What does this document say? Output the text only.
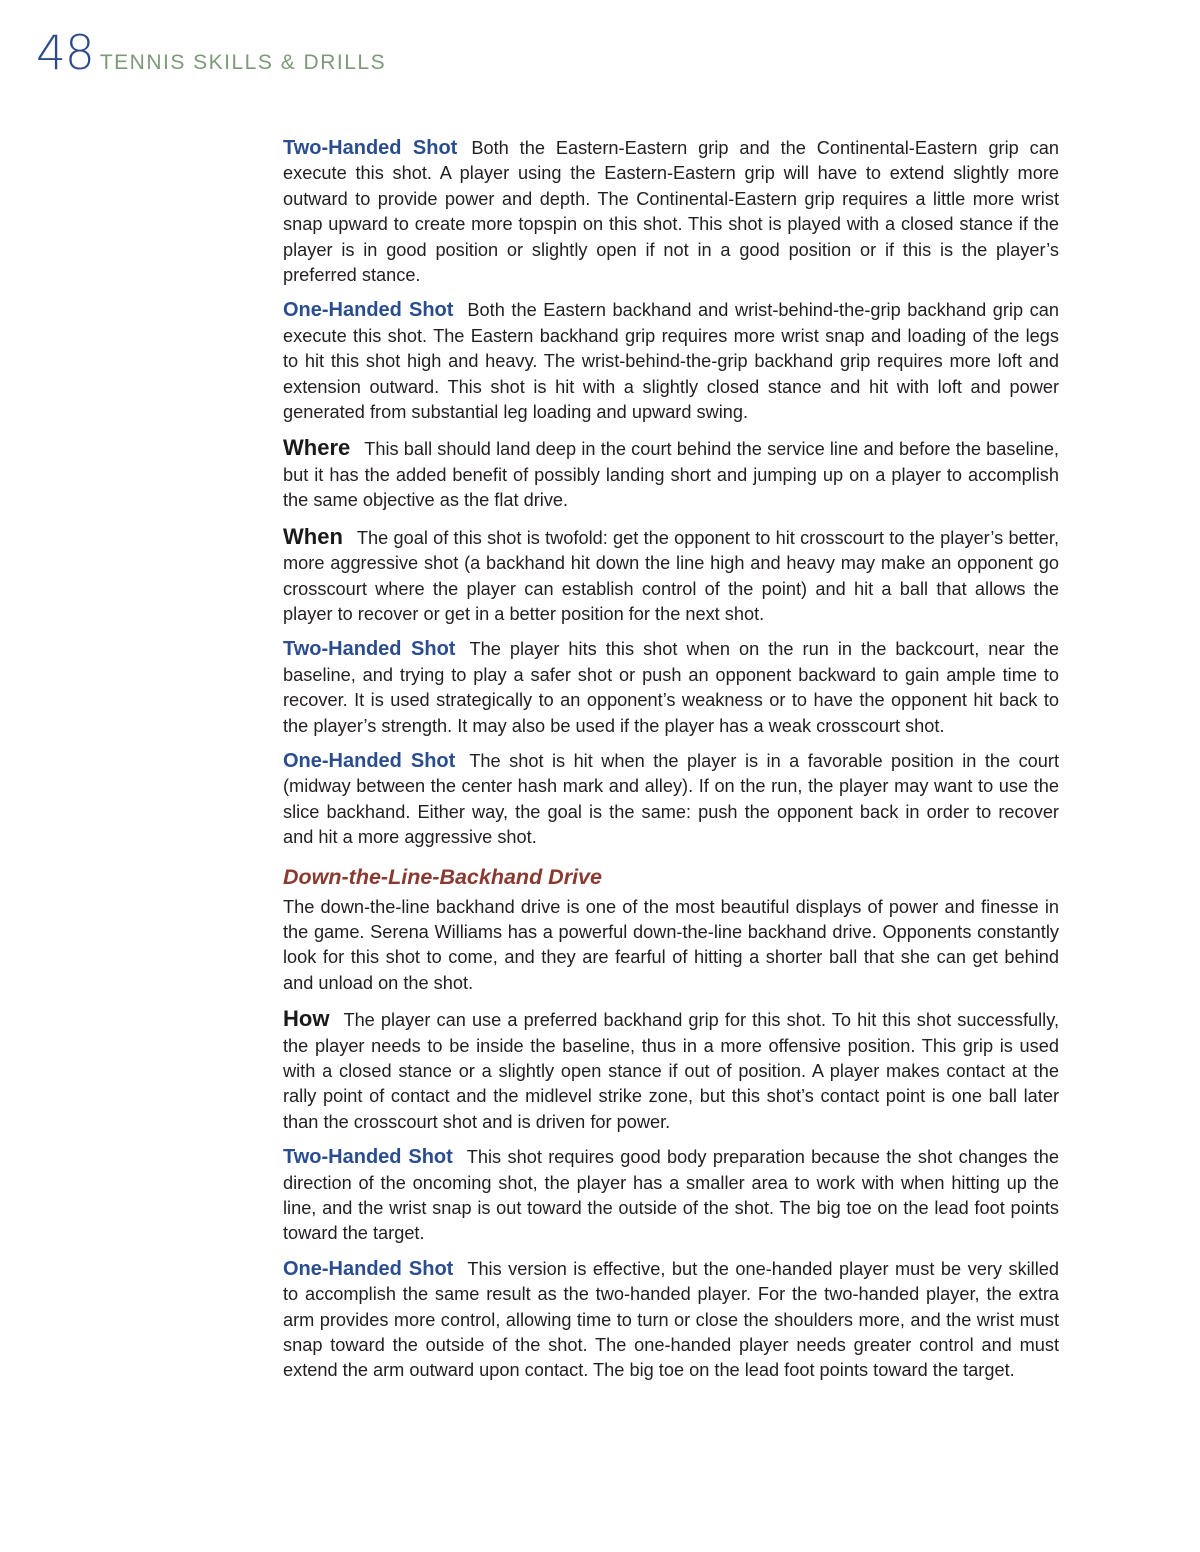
48 TENNIS SKILLS & DRILLS

Two-Handed Shot Both the Eastern-Eastern grip and the Continental-Eastern grip can execute this shot. A player using the Eastern-Eastern grip will have to extend slightly more outward to provide power and depth. The Continental-Eastern grip requires a little more wrist snap upward to create more topspin on this shot. This shot is played with a closed stance if the player is in good position or slightly open if not in a good position or if this is the player’s preferred stance.

One-Handed Shot Both the Eastern backhand and wrist-behind-the-grip backhand grip can execute this shot. The Eastern backhand grip requires more wrist snap and loading of the legs to hit this shot high and heavy. The wrist-behind-the-grip backhand grip requires more loft and extension outward. This shot is hit with a slightly closed stance and hit with loft and power generated from substantial leg loading and upward swing.

Where This ball should land deep in the court behind the service line and before the baseline, but it has the added benefit of possibly landing short and jumping up on a player to accomplish the same objective as the flat drive.

When The goal of this shot is twofold: get the opponent to hit crosscourt to the player’s better, more aggressive shot (a backhand hit down the line high and heavy may make an opponent go crosscourt where the player can establish control of the point) and hit a ball that allows the player to recover or get in a better position for the next shot.

Two-Handed Shot The player hits this shot when on the run in the backcourt, near the baseline, and trying to play a safer shot or push an opponent backward to gain ample time to recover. It is used strategically to an opponent’s weakness or to have the opponent hit back to the player’s strength. It may also be used if the player has a weak crosscourt shot.

One-Handed Shot The shot is hit when the player is in a favorable position in the court (midway between the center hash mark and alley). If on the run, the player may want to use the slice backhand. Either way, the goal is the same: push the opponent back in order to recover and hit a more aggressive shot.

Down-the-Line-Backhand Drive

The down-the-line backhand drive is one of the most beautiful displays of power and finesse in the game. Serena Williams has a powerful down-the-line backhand drive. Opponents constantly look for this shot to come, and they are fearful of hitting a shorter ball that she can get behind and unload on the shot.

How The player can use a preferred backhand grip for this shot. To hit this shot successfully, the player needs to be inside the baseline, thus in a more offensive position. This grip is used with a closed stance or a slightly open stance if out of position. A player makes contact at the rally point of contact and the midlevel strike zone, but this shot’s contact point is one ball later than the crosscourt shot and is driven for power.

Two-Handed Shot This shot requires good body preparation because the shot changes the direction of the oncoming shot, the player has a smaller area to work with when hitting up the line, and the wrist snap is out toward the outside of the shot. The big toe on the lead foot points toward the target.

One-Handed Shot This version is effective, but the one-handed player must be very skilled to accomplish the same result as the two-handed player. For the two-handed player, the extra arm provides more control, allowing time to turn or close the shoulders more, and the wrist must snap toward the outside of the shot. The one-handed player needs greater control and must extend the arm outward upon contact. The big toe on the lead foot points toward the target.
